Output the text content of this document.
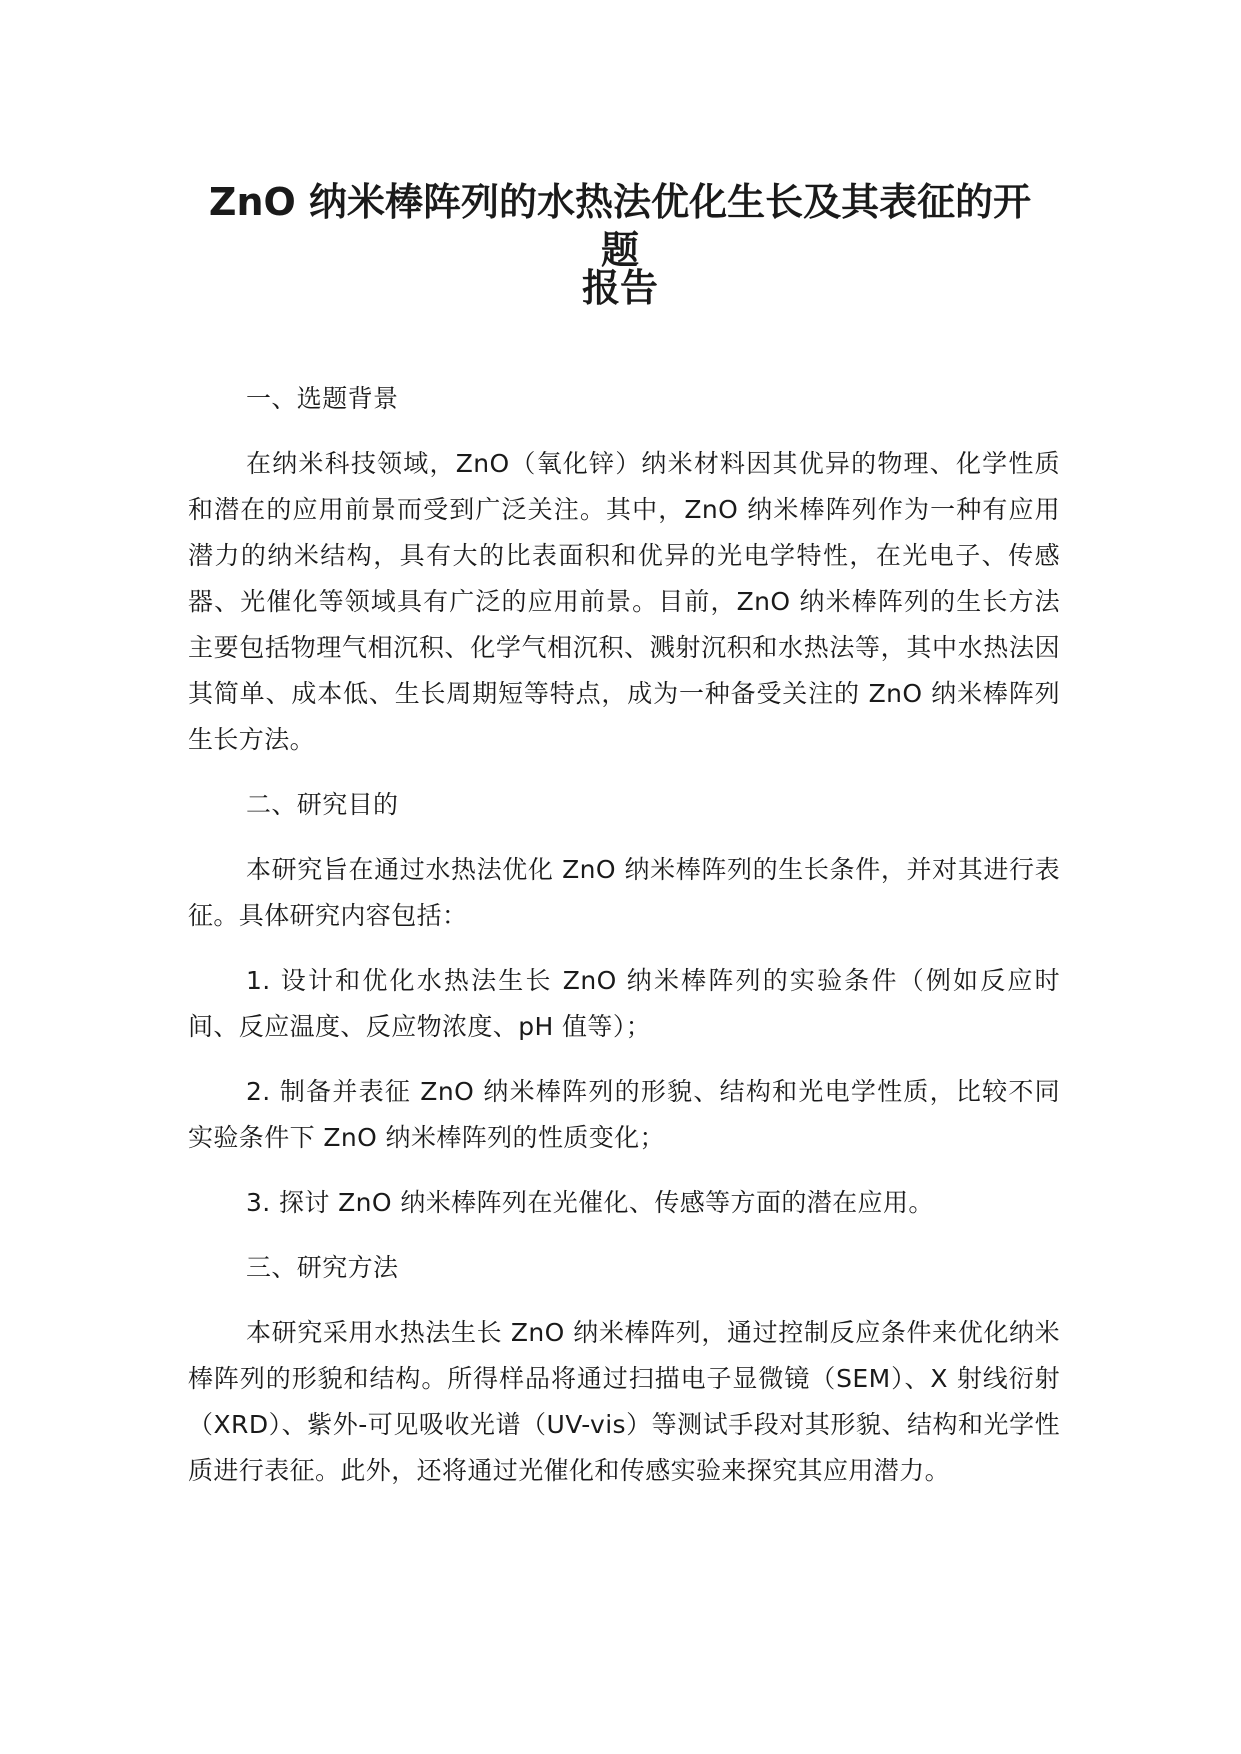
ZnO 纳米棒阵列的水热法优化生长及其表征的开题
报告

一、选题背景

在纳米科技领域，ZnO（氧化锌）纳米材料因其优异的物理、化学性质和潜在的应用前景而受到广泛关注。其中，ZnO 纳米棒阵列作为一种有应用潜力的纳米结构，具有大的比表面积和优异的光电学特性，在光电子、传感器、光催化等领域具有广泛的应用前景。目前，ZnO 纳米棒阵列的生长方法主要包括物理气相沉积、化学气相沉积、溅射沉积和水热法等，其中水热法因其简单、成本低、生长周期短等特点，成为一种备受关注的 ZnO 纳米棒阵列生长方法。

二、研究目的

本研究旨在通过水热法优化 ZnO 纳米棒阵列的生长条件，并对其进行表征。具体研究内容包括：

1. 设计和优化水热法生长 ZnO 纳米棒阵列的实验条件（例如反应时间、反应温度、反应物浓度、pH 值等）；

2. 制备并表征 ZnO 纳米棒阵列的形貌、结构和光电学性质，比较不同实验条件下 ZnO 纳米棒阵列的性质变化；

3. 探讨 ZnO 纳米棒阵列在光催化、传感等方面的潜在应用。

三、研究方法

本研究采用水热法生长 ZnO 纳米棒阵列，通过控制反应条件来优化纳米棒阵列的形貌和结构。所得样品将通过扫描电子显微镜（SEM）、X 射线衍射（XRD）、紫外-可见吸收光谱（UV-vis）等测试手段对其形貌、结构和光学性质进行表征。此外，还将通过光催化和传感实验来探究其应用潜力。
